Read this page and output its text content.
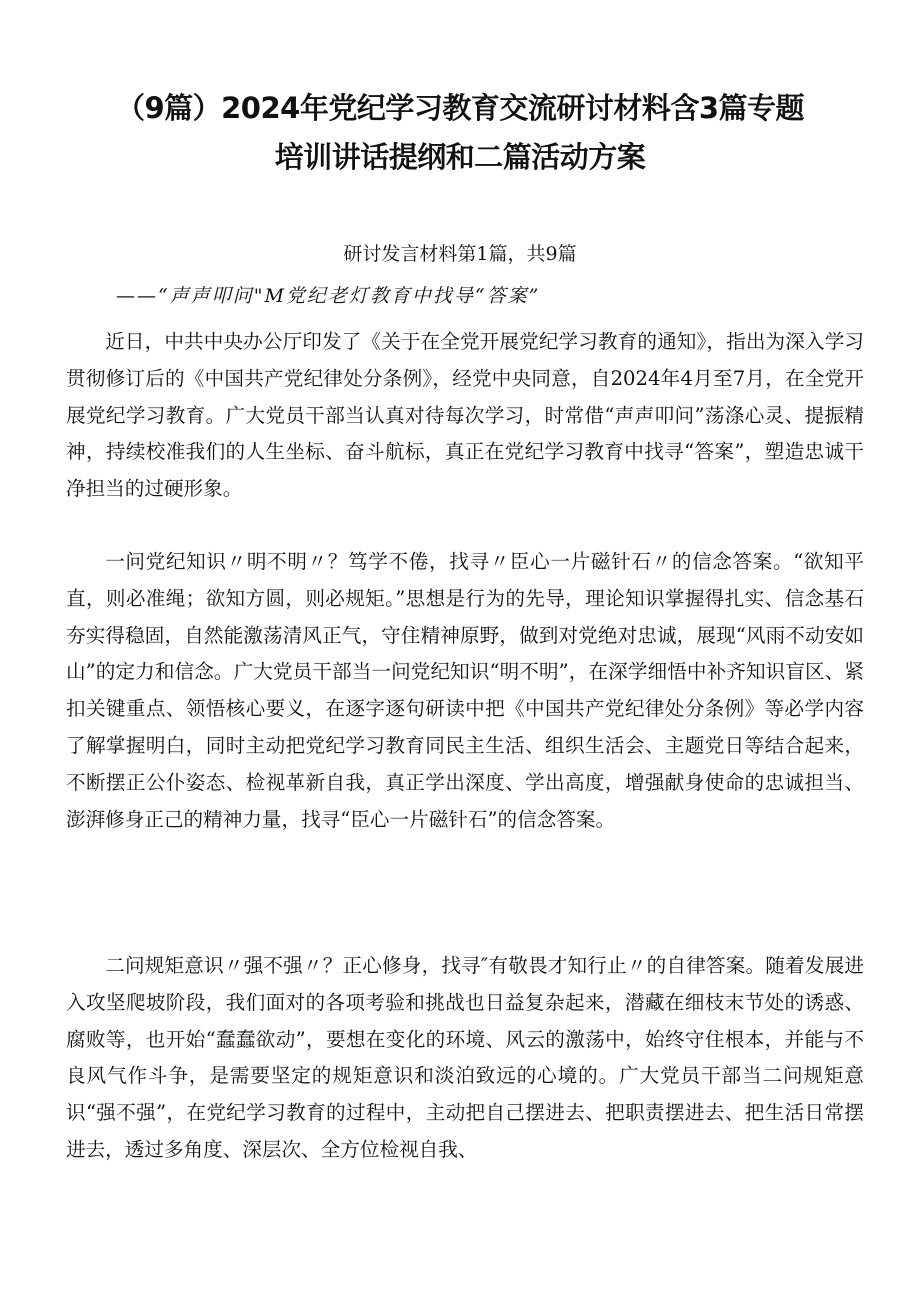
（9篇）2024年党纪学习教育交流研讨材料含3篇专题
培训讲话提纲和二篇活动方案
研讨发言材料第1篇，共9篇
——“声声叩问"M党纪老灯教育中找导“答案”

近日，中共中央办公厅印发了《关于在全党开展党纪学习教育的通知》，指出为深入学习贯彻修订后的《中国共产党纪律处分条例》，经党中央同意，自2024年4月至7月，在全党开展党纪学习教育。广大党员干部当认真对待每次学习，时常借“声声叩问”荡涤心灵、提振精神，持续校准我们的人生坐标、奋斗航标，真正在党纪学习教育中找寻“答案”，塑造忠诚干净担当的过硬形象。

一问党纪知识〃明不明〃？笃学不倦，找寻〃臣心一片磁针石〃的信念答案。“欲知平直，则必准绳；欲知方圆，则必规矩。”思想是行为的先导，理论知识掌握得扎实、信念基石夯实得稳固，自然能激荡清风正气，守住精神原野，做到对党绝对忠诚，展现“风雨不动安如山”的定力和信念。广大党员干部当一问党纪知识“明不明”，在深学细悟中补齐知识盲区、紧扣关键重点、领悟核心要义，在逐字逐句研读中把《中国共产党纪律处分条例》等必学内容了解掌握明白，同时主动把党纪学习教育同民主生活、组织生活会、主题党日等结合起来，不断摆正公仆姿态、检视革新自我，真正学出深度、学出高度，增强献身使命的忠诚担当、澎湃修身正己的精神力量，找寻“臣心一片磁针石”的信念答案。

二问规矩意识〃强不强〃？正心修身，找寻″有敬畏才知行止〃的自律答案。随着发展进入攻坚爬坡阶段，我们面对的各项考验和挑战也日益复杂起来，潜藏在细枝末节处的诱惑、腐败等，也开始“蠢蠢欲动”，要想在变化的环境、风云的激荡中，始终守住根本，并能与不良风气作斗争，是需要坚定的规矩意识和淡泊致远的心境的。广大党员干部当二问规矩意识“强不强”，在党纪学习教育的过程中，主动把自己摆进去、把职责摆进去、把生活日常摆进去，透过多角度、深层次、全方位检视自我、
